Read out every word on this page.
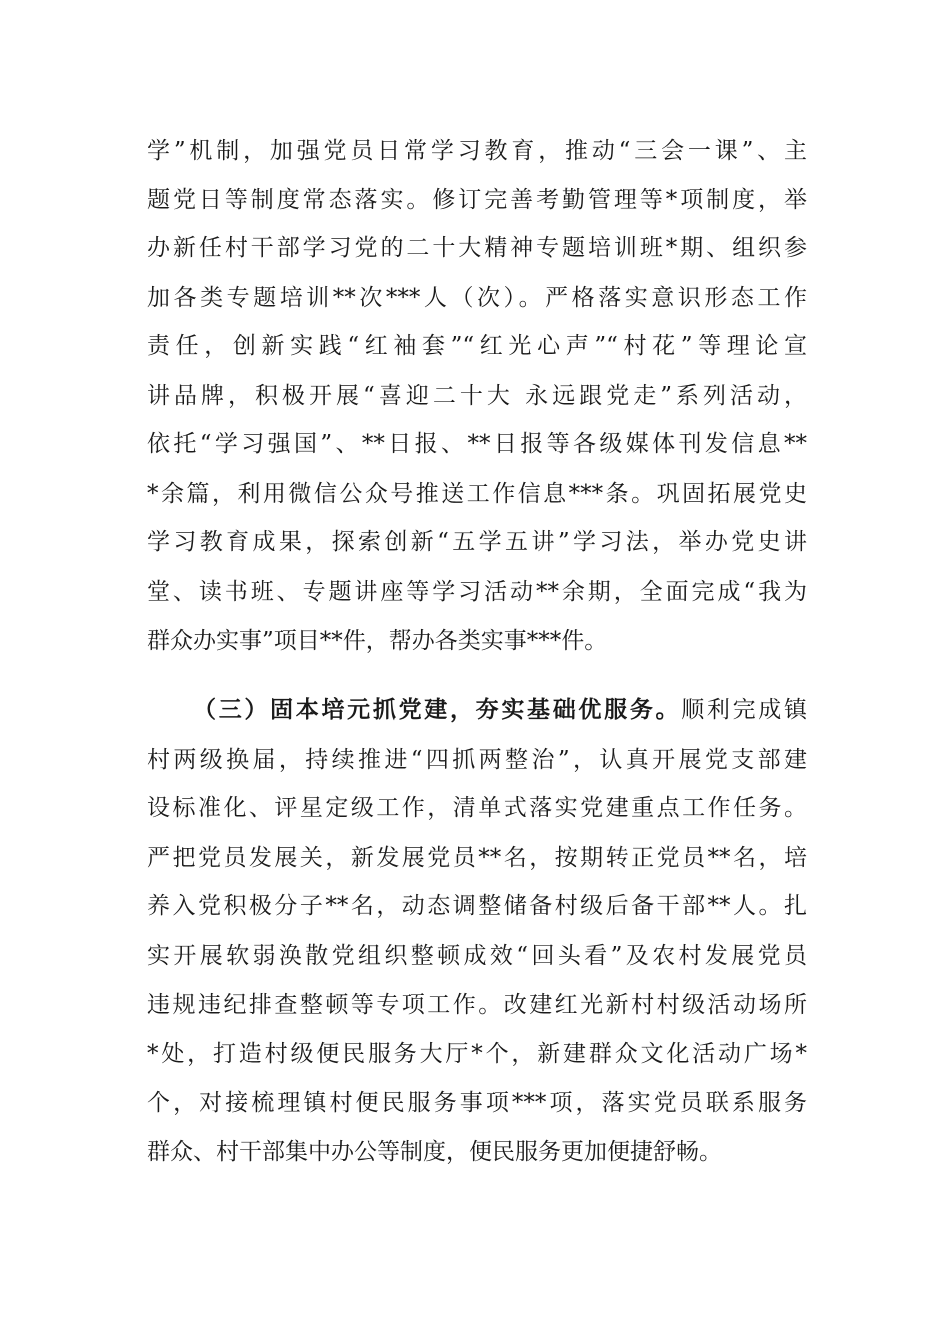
学”机制，加强党员日常学习教育，推动“三会一课”、主
题党日等制度常态落实。修订完善考勤管理等*项制度，举
办新任村干部学习党的二十大精神专题培训班*期、组织参
加各类专题培训**次***人（次）。严格落实意识形态工作
责任，创新实践“红袖套”“红光心声”“村花”等理论宣
讲品牌，积极开展“喜迎二十大 永远跟党走”系列活动，
依托“学习强国”、**日报、**日报等各级媒体刊发信息**
*余篇，利用微信公众号推送工作信息***条。巩固拓展党史
学习教育成果，探索创新“五学五讲”学习法，举办党史讲
堂、读书班、专题讲座等学习活动**余期，全面完成“我为
群众办实事”项目**件，帮办各类实事***件。
（三）固本培元抓党建，夯实基础优服务。顺利完成镇
村两级换届，持续推进“四抓两整治”，认真开展党支部建
设标准化、评星定级工作，清单式落实党建重点工作任务。
严把党员发展关，新发展党员**名，按期转正党员**名，培
养入党积极分子**名，动态调整储备村级后备干部**人。扎
实开展软弱涣散党组织整顿成效“回头看”及农村发展党员
违规违纪排查整顿等专项工作。改建红光新村村级活动场所
*处，打造村级便民服务大厅*个，新建群众文化活动广场*
个，对接梳理镇村便民服务事项***项，落实党员联系服务
群众、村干部集中办公等制度，便民服务更加便捷舒畅。
